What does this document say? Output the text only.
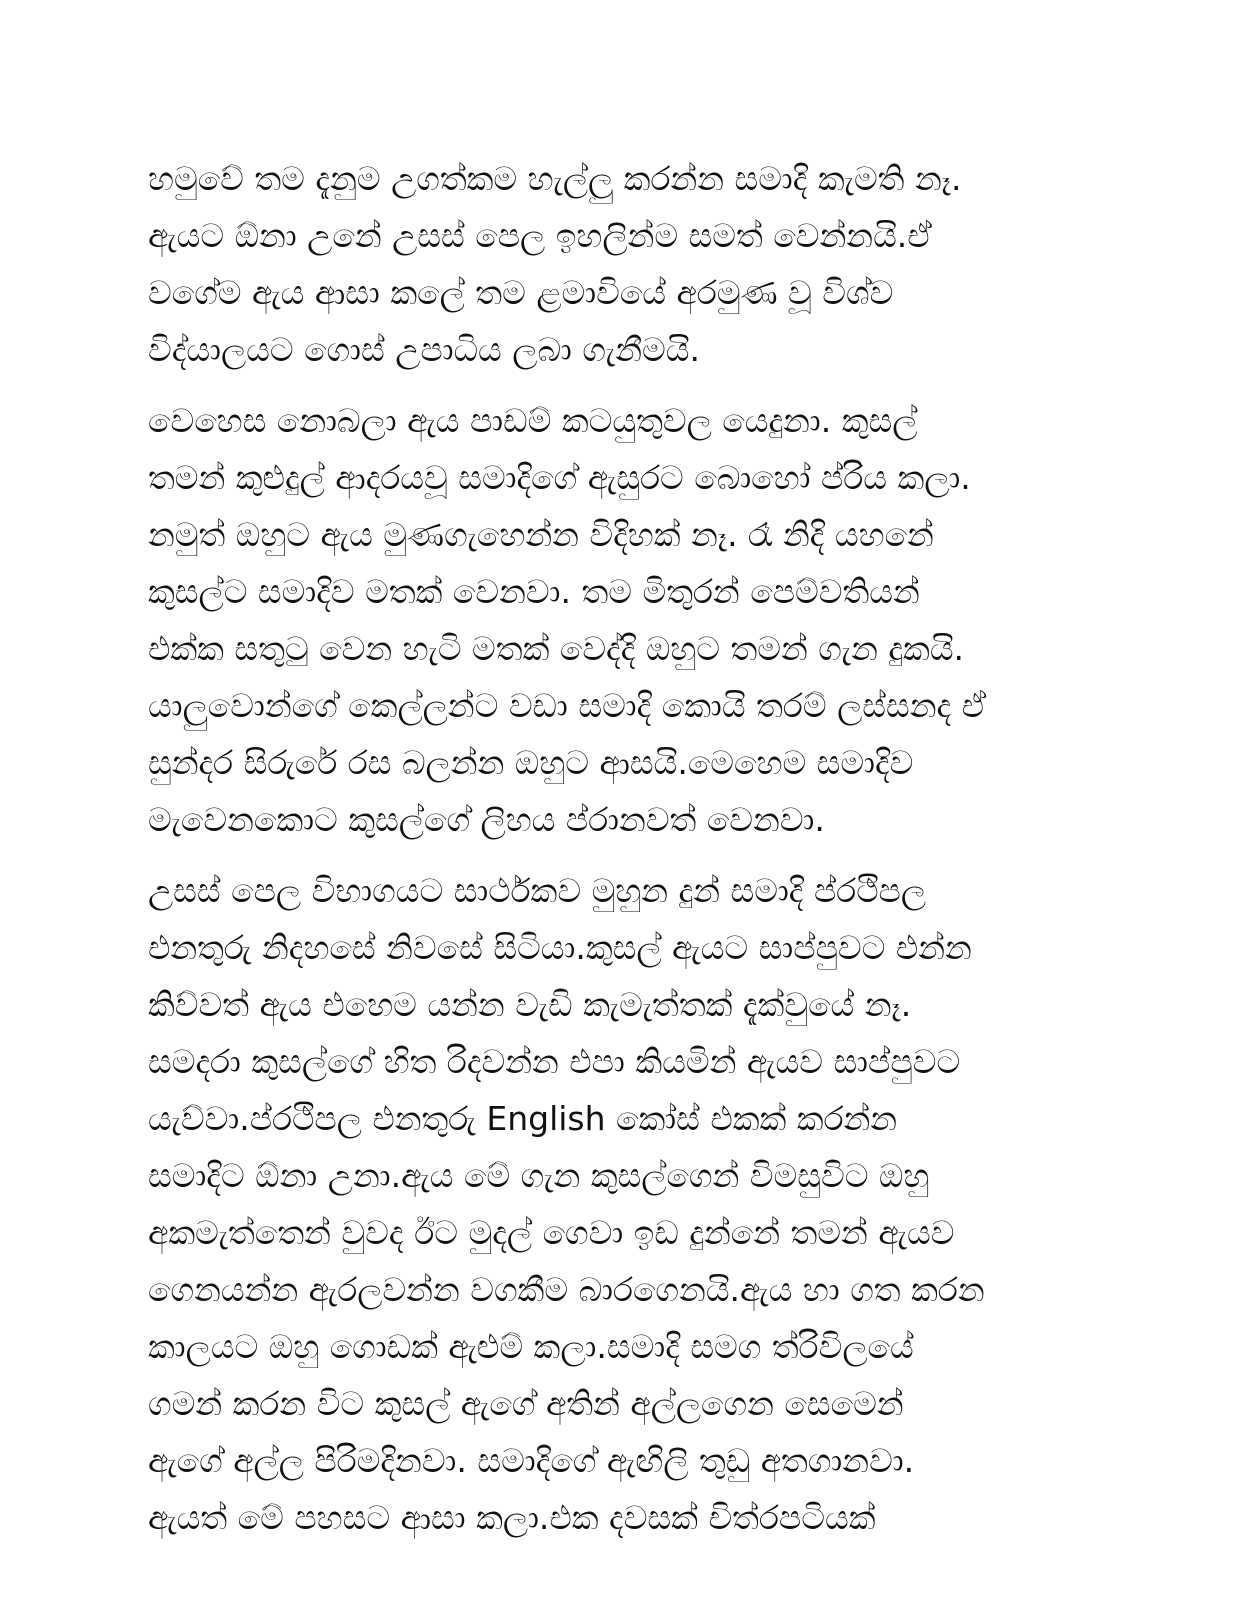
හමුවේ තම දැනුම උගත්කම හැල්ලු කරන්න සමාදි කැමති නෑ.
ඇයට ඕනා උනේ උසස් පෙල ඉහලින්ම සමත් වෙන්නයි.ඒ
වගේම ඇය ආසා කලේ තම ළමාවියේ අරමුණ වූ විශ්ව
විද්යාලයට ගොස් උපාධිය ලබා ගැනීමයි.

වෙහෙස නොබලා ඇය පාඩම් කටයුතුවල යෙදුනා. කුසල්
තමන් කුළුදුල් ආදරයවූ සමාදිගේ ඇසුරට බොහෝ ප්රිය කලා.
නමුත් ඔහුට ඇය මුණගැහෙන්න විදිහක් නෑ. රෑ නිදි යහනේ
කුසල්ට සමාදිව මතක් වෙනවා. තම මිතුරන් පෙම්වතියන්
එක්ක සතුටු වෙන හැටි මතක් වෙද්දි ඔහුට තමන් ගැන දුකයි.
යාලුවොන්ගේ කෙල්ලන්ට වඩා සමාදි කොයි තරම් ලස්සනද ඒ
සුන්දර සිරුරේ රස බලන්න ඔහුට ආසයි.මෙහෙම සමාදිව
මැවෙනකොට කුසල්ගේ ලිහය ප්රානවත් වෙනවා.

උසස් පෙල විභාගයට සාර්ථකව මුහුන දුන් සමාදි ප්රථිපල
එනතුරු නිදහසේ නිවසේ සිටියා.කුසල් ඇයට සාප්පුවට එන්න
කිව්වත් ඇය එහෙම යන්න වැඩි කැමැත්තක් දැක්වුයේ නෑ.
සමදරා කුසල්ගේ හිත රිදවන්න එපා කියමින් ඇයව සාප්පුවට
යැව්වා.ප්රථිපල එනතුරු English කෝස් එකක් කරන්න
සමාදිට ඕනා උනා.ඇය මේ ගැන කුසල්ගෙන් විමසුවිට ඔහු
අකමැත්තෙන් වුවද ඊට මුදල් ගෙවා ඉඩ දුන්නේ තමන් ඇයව
ගෙනයන්න ඇරලවන්න වගකීම බාරගෙනයි.ඇය හා ගත කරන
කාලයට ඔහු ගොඩක් ඇළුම් කලා.සමාදි සමග ත්රිවිලයේ
ගමන් කරන විට කුසල් ඇගේ අතින් අල්ලගෙන සෙමෙන්
ඇගේ අල්ල පිරිමදිනවා. සමාදිගේ ඇඟිලි තුඩු අතගානවා.
ඇයත් මේ පහසට ආසා කලා.එක දවසක් චිත්රපටියක්
